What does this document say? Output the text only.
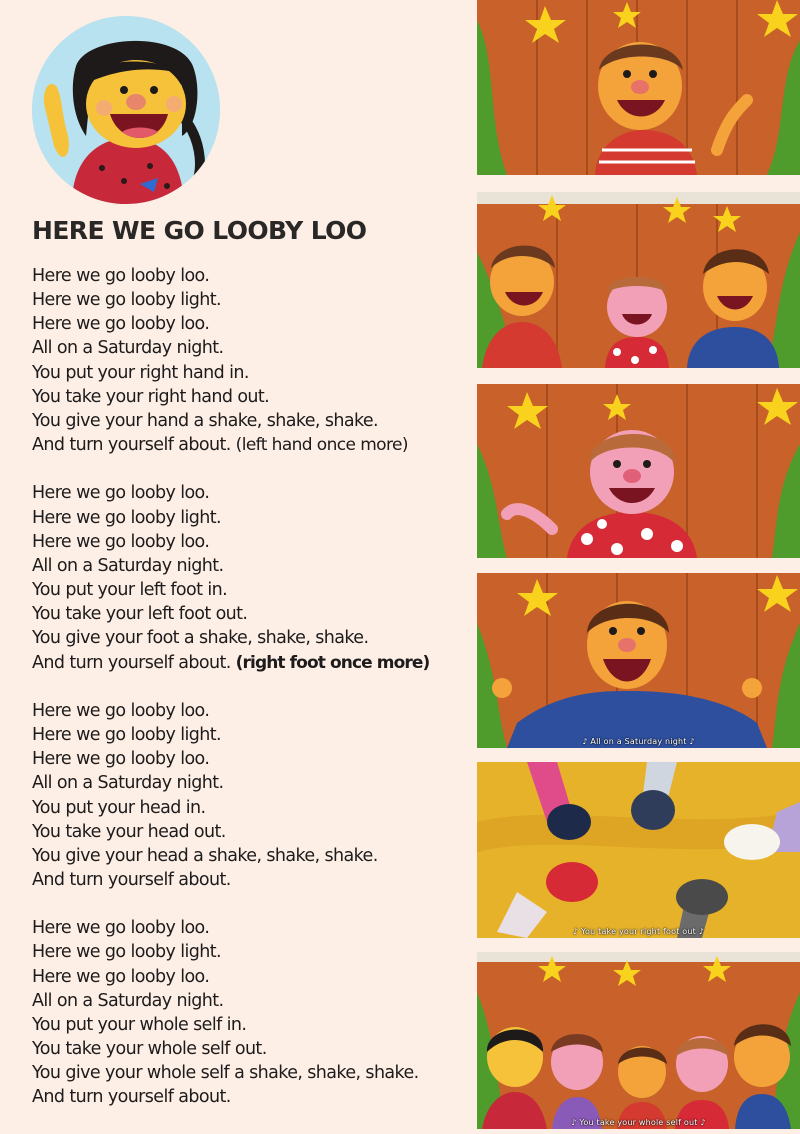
HERE WE GO LOOBY LOO
Here we go looby loo.
Here we go looby light.
Here we go looby loo.
All on a Saturday night.
You put your right hand in.
You take your right hand out.
You give your hand a shake, shake, shake.
And turn yourself about. (left hand once more)
Here we go looby loo.
Here we go looby light.
Here we go looby loo.
All on a Saturday night.
You put your left foot in.
You take your left foot out.
You give your foot a shake, shake, shake.
And turn yourself about. (right foot once more)
Here we go looby loo.
Here we go looby light.
Here we go looby loo.
All on a Saturday night.
You put your head in.
You take your head out.
You give your head a shake, shake, shake.
And turn yourself about.
Here we go looby loo.
Here we go looby light.
Here we go looby loo.
All on a Saturday night.
You put your whole self in.
You take your whole self out.
You give your whole self a shake, shake, shake.
And turn yourself about.
♪ All on a Saturday night ♪
♪ You take your right foot out ♪
♪ You take your whole self out ♪
